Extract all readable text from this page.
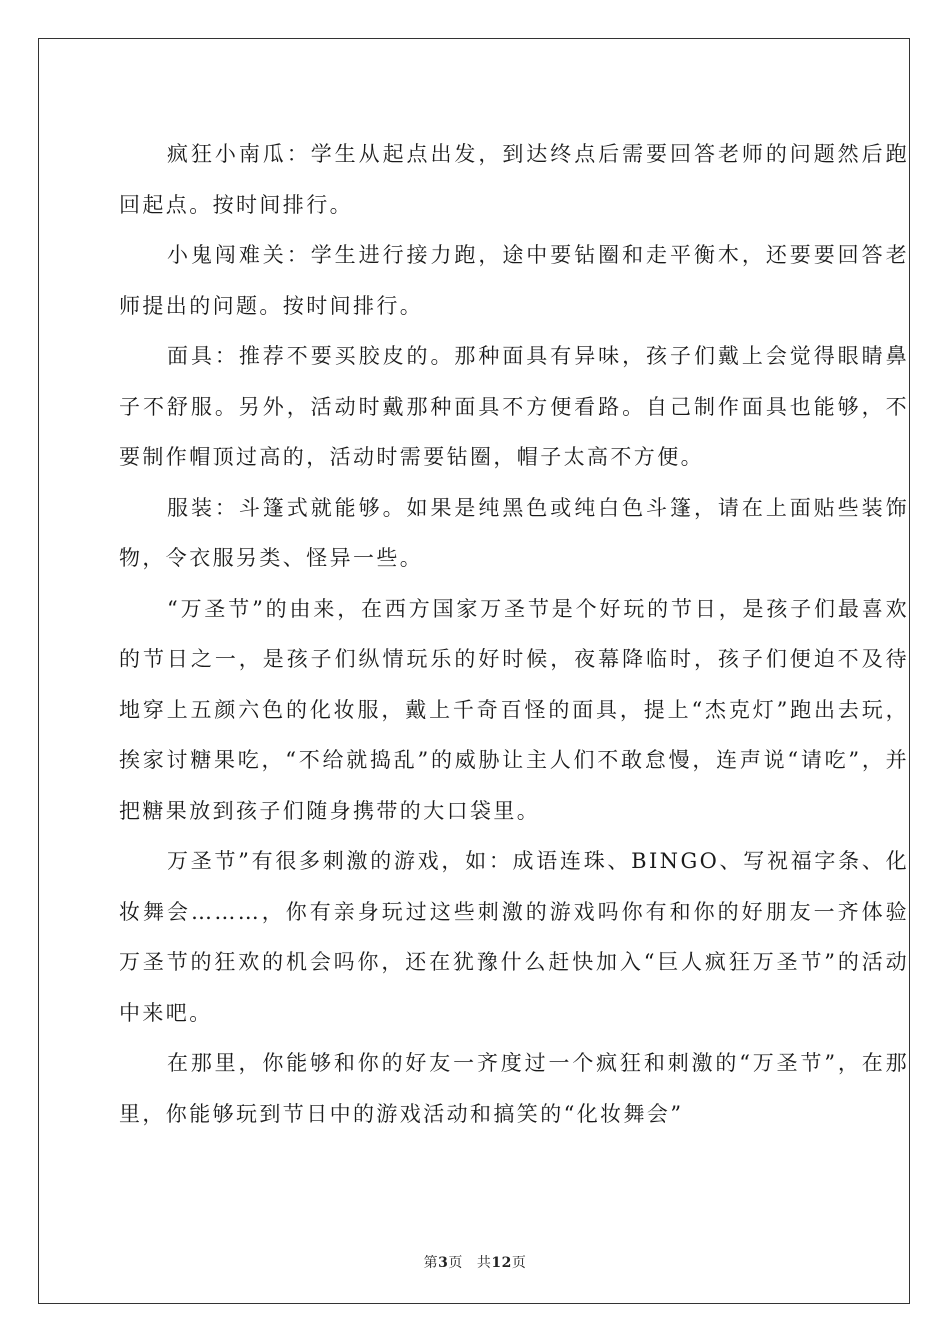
疯狂小南瓜：学生从起点出发，到达终点后需要回答老师的问题然后跑回起点。按时间排行。

小鬼闯难关：学生进行接力跑，途中要钻圈和走平衡木，还要要回答老师提出的问题。按时间排行。

面具：推荐不要买胶皮的。那种面具有异味，孩子们戴上会觉得眼睛鼻子不舒服。另外，活动时戴那种面具不方便看路。自己制作面具也能够，不要制作帽顶过高的，活动时需要钻圈，帽子太高不方便。

服装：斗篷式就能够。如果是纯黑色或纯白色斗篷，请在上面贴些装饰物，令衣服另类、怪异一些。

“万圣节”的由来，在西方国家万圣节是个好玩的节日，是孩子们最喜欢的节日之一，是孩子们纵情玩乐的好时候，夜幕降临时，孩子们便迫不及待地穿上五颜六色的化妆服，戴上千奇百怪的面具，提上“杰克灯”跑出去玩，挨家讨糖果吃，“不给就捣乱”的威胁让主人们不敢怠慢，连声说“请吃”，并把糖果放到孩子们随身携带的大口袋里。

万圣节”有很多刺激的游戏，如：成语连珠、BINGO、写祝福字条、化妆舞会………，你有亲身玩过这些刺激的游戏吗你有和你的好朋友一齐体验万圣节的狂欢的机会吗你，还在犹豫什么赶快加入“巨人疯狂万圣节”的活动中来吧。

在那里，你能够和你的好友一齐度过一个疯狂和刺激的“万圣节”，在那里，你能够玩到节日中的游戏活动和搞笑的“化妆舞会”

第3页 共12页
